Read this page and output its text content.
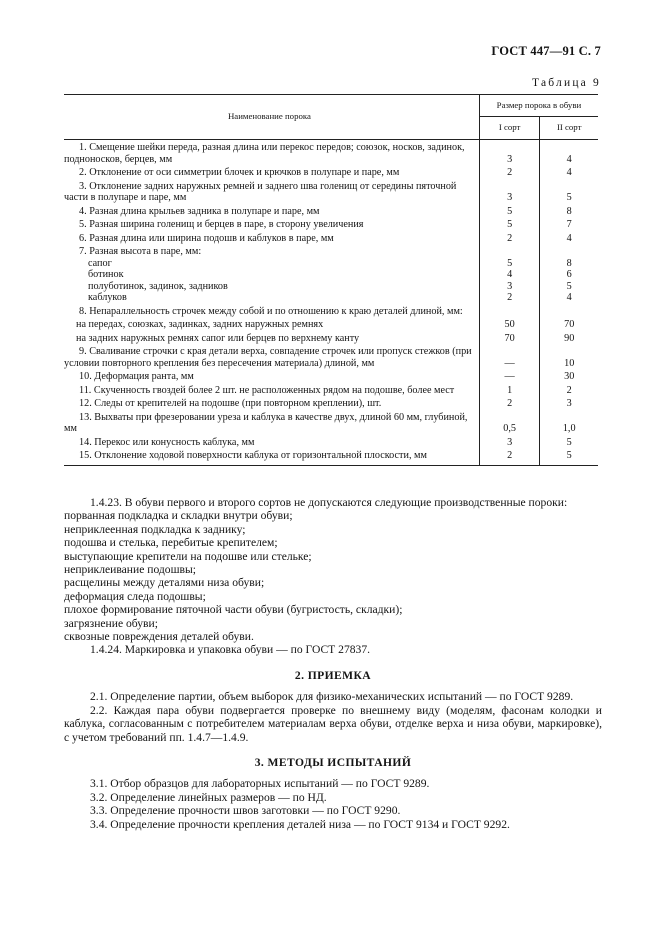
ГОСТ 447—91 С. 7
Таблица 9
Наименование порока	Размер порока в обуви	
	I сорт	II сорт
1. Смещение шейки переда, разная длина или перекос передов; союзок, носков, задинок, подноносков, берцев, мм	3	4
2. Отклонение от оси симметрии блочек и крючков в полупаре и паре, мм	2	4
3. Отклонение задних наружных ремней и заднего шва голенищ от середины пяточной части в полупаре и паре, мм	3	5
4. Разная длина крыльев задника в полупаре и паре, мм	5	8
5. Разная ширина голенищ и берцев в паре, в сторону увеличения	5	7
6. Разная длина или ширина подошв и каблуков в паре, мм	2	4
7. Разная высота в паре, мм:		
сапог	5	8
ботинок	4	6
полуботинок, задинок, задников	3	5
каблуков	2	4
8. Непараллельность строчек между собой и по отношению к краю деталей длиной, мм:		
на передах, союзках, задинках, задних наружных ремнях	50	70
на задних наружных ремнях сапог или берцев по верхнему канту	70	90
9. Сваливание строчки с края детали верха, совпадение строчек или пропуск стежков (при условии повторного крепления без пересечения материала) длиной, мм	—	10
10. Деформация ранта, мм	—	30
11. Скученность гвоздей более 2 шт. не расположенных рядом на подошве, более мест	1	2
12. Следы от крепителей на подошве (при повторном креплении), шт.	2	3
13. Выхваты при фрезеровании уреза и каблука в качестве двух, длиной 60 мм, глубиной, мм	0,5	1,0
14. Перекос или конусность каблука, мм	3	5
15. Отклонение ходовой поверхности каблука от горизонтальной плоскости, мм	2	5

1.4.23. В обуви первого и второго сортов не допускаются следующие производственные пороки:

порванная подкладка и складки внутри обуви;

неприклеенная подкладка к заднику;

подошва и стелька, перебитые крепителем;

выступающие крепители на подошве или стельке;

неприклеивание подошвы;

расщелины между деталями низа обуви;

деформация следа подошвы;

плохое формирование пяточной части обуви (бугристость, складки);

загрязнение обуви;

сквозные повреждения деталей обуви.

1.4.24. Маркировка и упаковка обуви — по ГОСТ 27837.

2. ПРИЕМКА

2.1. Определение партии, объем выборок для физико-механических испытаний — по ГОСТ 9289.

2.2. Каждая пара обуви подвергается проверке по внешнему виду (моделям, фасонам колодки и каблука, согласованным с потребителем материалам верха обуви, отделке верха и низа обуви, маркировке), с учетом требований пп. 1.4.7—1.4.9.

3. МЕТОДЫ ИСПЫТАНИЙ

3.1. Отбор образцов для лабораторных испытаний — по ГОСТ 9289.

3.2. Определение линейных размеров — по НД.

3.3. Определение прочности швов заготовки — по ГОСТ 9290.

3.4. Определение прочности крепления деталей низа — по ГОСТ 9134 и ГОСТ 9292.
